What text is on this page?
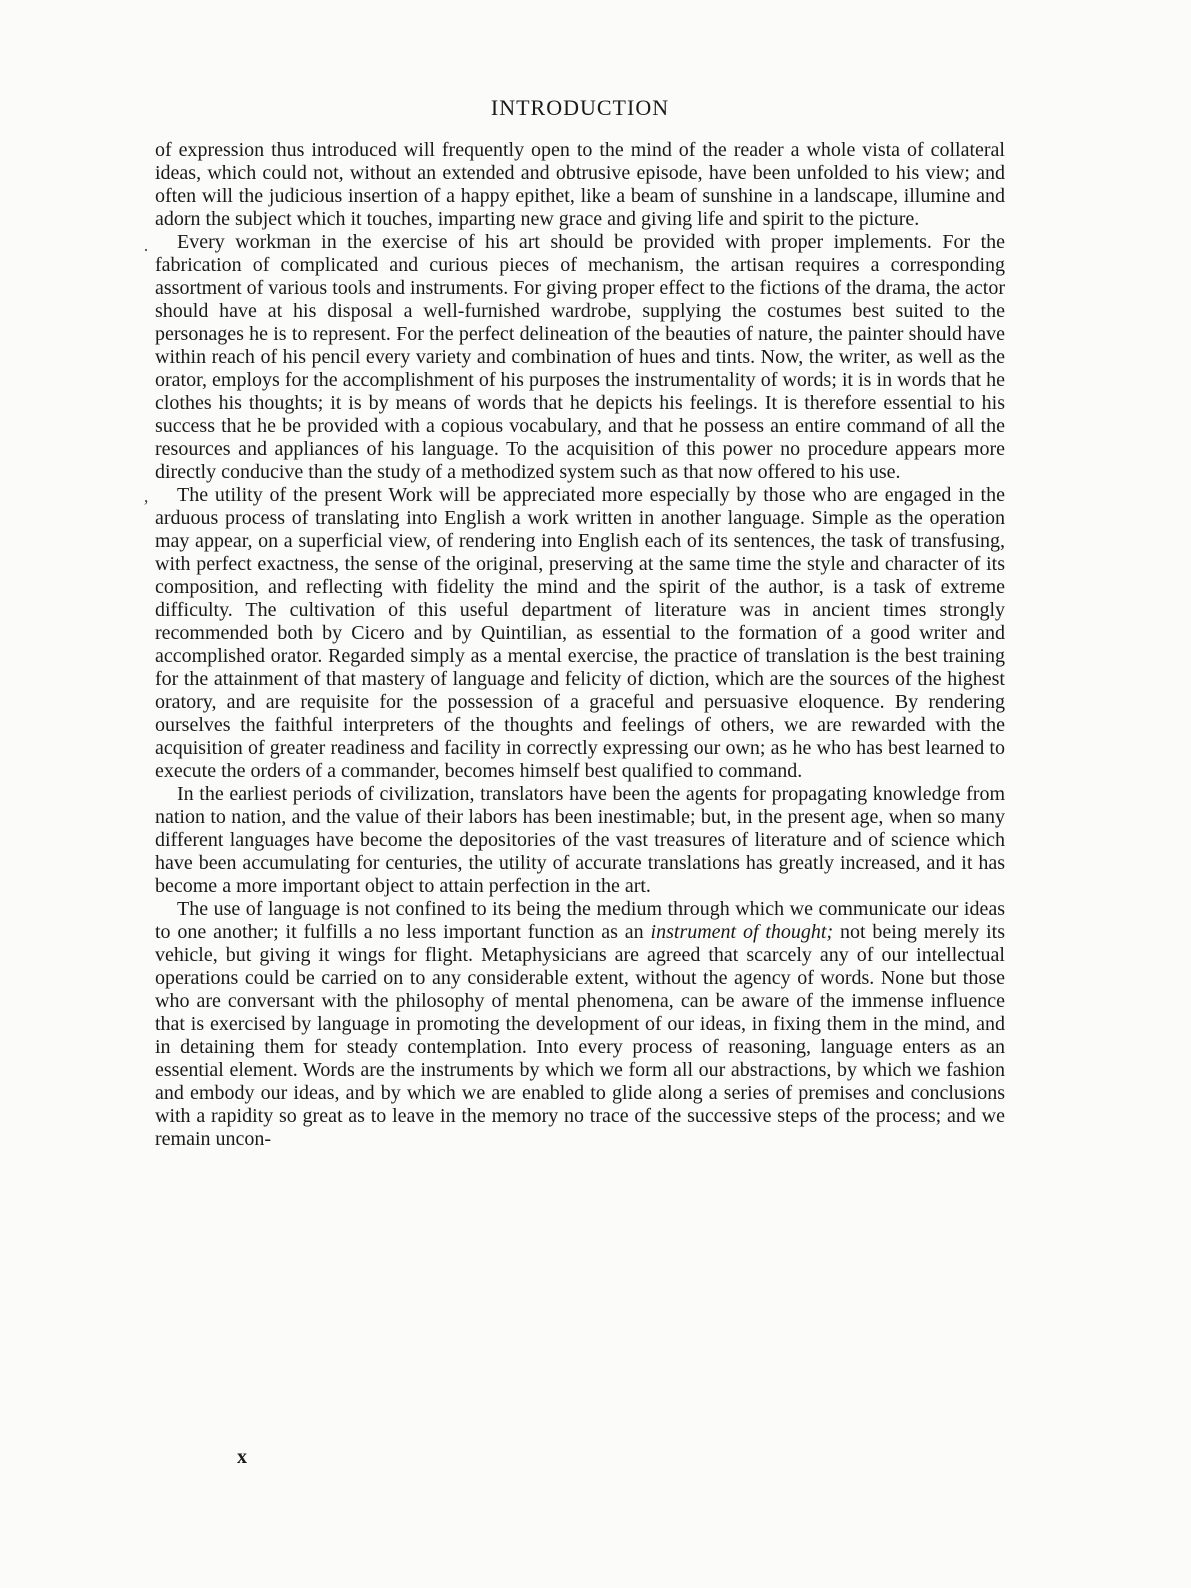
INTRODUCTION

of expression thus introduced will frequently open to the mind of the reader a whole vista of collateral ideas, which could not, without an extended and obtrusive episode, have been unfolded to his view; and often will the judicious insertion of a happy epithet, like a beam of sunshine in a landscape, illumine and adorn the subject which it touches, imparting new grace and giving life and spirit to the picture.

Every workman in the exercise of his art should be provided with proper implements. For the fabrication of complicated and curious pieces of mechanism, the artisan requires a corresponding assortment of various tools and instruments. For giving proper effect to the fictions of the drama, the actor should have at his disposal a well-furnished wardrobe, supplying the costumes best suited to the personages he is to represent. For the perfect delineation of the beauties of nature, the painter should have within reach of his pencil every variety and combination of hues and tints. Now, the writer, as well as the orator, employs for the accomplishment of his purposes the instrumentality of words; it is in words that he clothes his thoughts; it is by means of words that he depicts his feelings. It is therefore essential to his success that he be provided with a copious vocabulary, and that he possess an entire command of all the resources and appliances of his language. To the acquisition of this power no procedure appears more directly conducive than the study of a methodized system such as that now offered to his use.

The utility of the present Work will be appreciated more especially by those who are engaged in the arduous process of translating into English a work written in another language. Simple as the operation may appear, on a superficial view, of rendering into English each of its sentences, the task of transfusing, with perfect exactness, the sense of the original, preserving at the same time the style and character of its composition, and reflecting with fidelity the mind and the spirit of the author, is a task of extreme difficulty. The cultivation of this useful department of literature was in ancient times strongly recommended both by Cicero and by Quintilian, as essential to the formation of a good writer and accomplished orator. Regarded simply as a mental exercise, the practice of translation is the best training for the attainment of that mastery of language and felicity of diction, which are the sources of the highest oratory, and are requisite for the possession of a graceful and persuasive eloquence. By rendering ourselves the faithful interpreters of the thoughts and feelings of others, we are rewarded with the acquisition of greater readiness and facility in correctly expressing our own; as he who has best learned to execute the orders of a commander, becomes himself best qualified to command.

In the earliest periods of civilization, translators have been the agents for propagating knowledge from nation to nation, and the value of their labors has been inestimable; but, in the present age, when so many different languages have become the depositories of the vast treasures of literature and of science which have been accumulating for centuries, the utility of accurate translations has greatly increased, and it has become a more important object to attain perfection in the art.

The use of language is not confined to its being the medium through which we communicate our ideas to one another; it fulfills a no less important function as an instrument of thought; not being merely its vehicle, but giving it wings for flight. Metaphysicians are agreed that scarcely any of our intellectual operations could be carried on to any considerable extent, without the agency of words. None but those who are conversant with the philosophy of mental phenomena, can be aware of the immense influence that is exercised by language in promoting the development of our ideas, in fixing them in the mind, and in detaining them for steady contemplation. Into every process of reasoning, language enters as an essential element. Words are the instruments by which we form all our abstractions, by which we fashion and embody our ideas, and by which we are enabled to glide along a series of premises and conclusions with a rapidity so great as to leave in the memory no trace of the successive steps of the process; and we remain uncon-

x
·
ʼ
